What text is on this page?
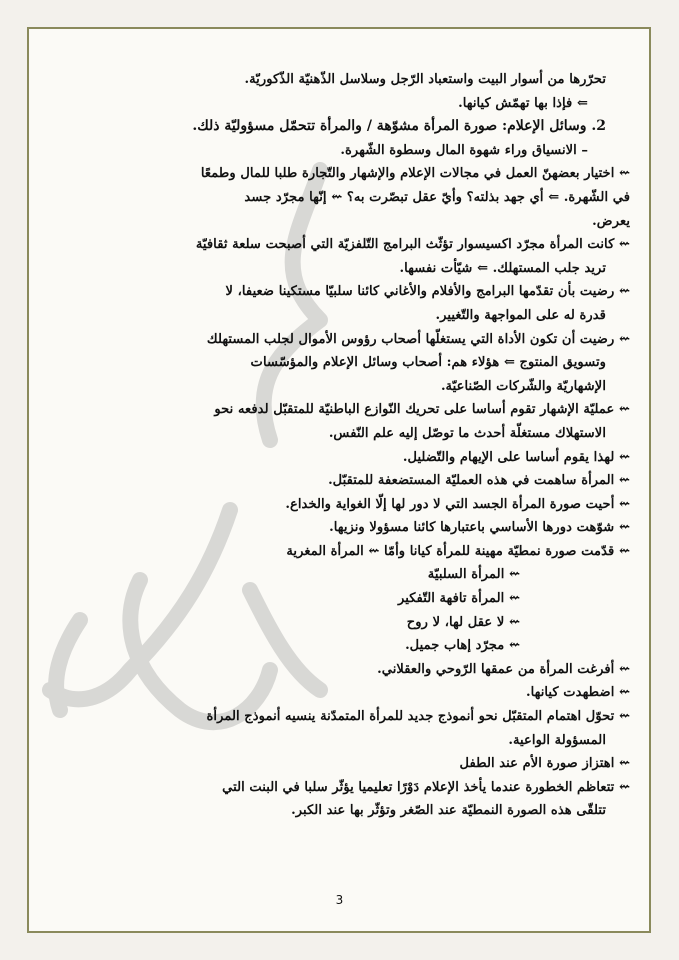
تحرّرها من أسوار البيت واستعباد الرّجل وسلاسل الذّهنيّة الذّكوريّة.
⇐ فإذا بها تهمّش كيانها.
2. وسائل الإعلام: صورة المرأة مشوّهة / والمرأة تتحمّل مسؤوليّة ذلك.
– الانسياق وراء شهوة المال وسطوة الشّهرة.
⇜ اختيار بعضهنّ العمل في مجالات الإعلام والإشهار والتّجارة طلبا للمال وطمعًا
في الشّهرة. ⇐ أي جهد بذلته؟ وأيّ عقل تبصّرت به؟ ⇜ إنّها مجرّد جسد
يعرض.
⇜ كانت المرأة مجرّد اكسيسوار تؤثّث البرامج التّلفزيّة التي أصبحت سلعة ثقافيّة
تريد جلب المستهلك. ⇐ شيّأت نفسها.
⇜ رضيت بأن تقدّمها البرامج والأفلام والأغاني كائنا سلبيّا مستكينا ضعيفا، لا
قدرة له على المواجهة والتّغيير.
⇜ رضيت أن تكون الأداة التي يستغلّها أصحاب رؤوس الأموال لجلب المستهلك
وتسويق المنتوج ⇐ هؤلاء هم: أصحاب وسائل الإعلام والمؤسّسات
الإشهاريّة والشّركات الصّناعيّة.
⇜ عمليّة الإشهار تقوم أساسا على تحريك النّوازع الباطنيّة للمتقبّل لدفعه نحو
الاستهلاك مستغلّة أحدث ما توصّل إليه علم النّفس.
⇜ لهذا يقوم أساسا على الإيهام والتّضليل.
⇜ المرأة ساهمت في هذه العمليّة المستضعفة للمتقبّل.
⇜ أحيت صورة المرأة الجسد التي لا دور لها إلّا الغواية والخداع.
⇜ شوّهت دورها الأساسي باعتبارها كائنا مسؤولا ونزيها.
⇜ قدّمت صورة نمطيّة مهينة للمرأة كيانا وأمّا ⇜ المرأة المغرية
⇜ المرأة السلبيّة
⇜ المرأة تافهة التّفكير
⇜ لا عقل لها، لا روح
⇜ مجرّد إهاب جميل.
⇜ أفرغت المرأة من عمقها الرّوحي والعقلاني.
⇜ اضطهدت كيانها.
⇜ تحوّل اهتمام المتقبّل نحو أنموذج جديد للمرأة المتمدّنة ينسيه أنموذج المرأة
المسؤولة الواعية.
⇜ اهتزاز صورة الأم عند الطفل
⇜ تتعاظم الخطورة عندما يأخذ الإعلام دَوْرًا تعليميا يؤثّر سلبا في البنت التي
تتلقّى هذه الصورة النمطيّة عند الصّغر وتؤثّر بها عند الكبر.
3
